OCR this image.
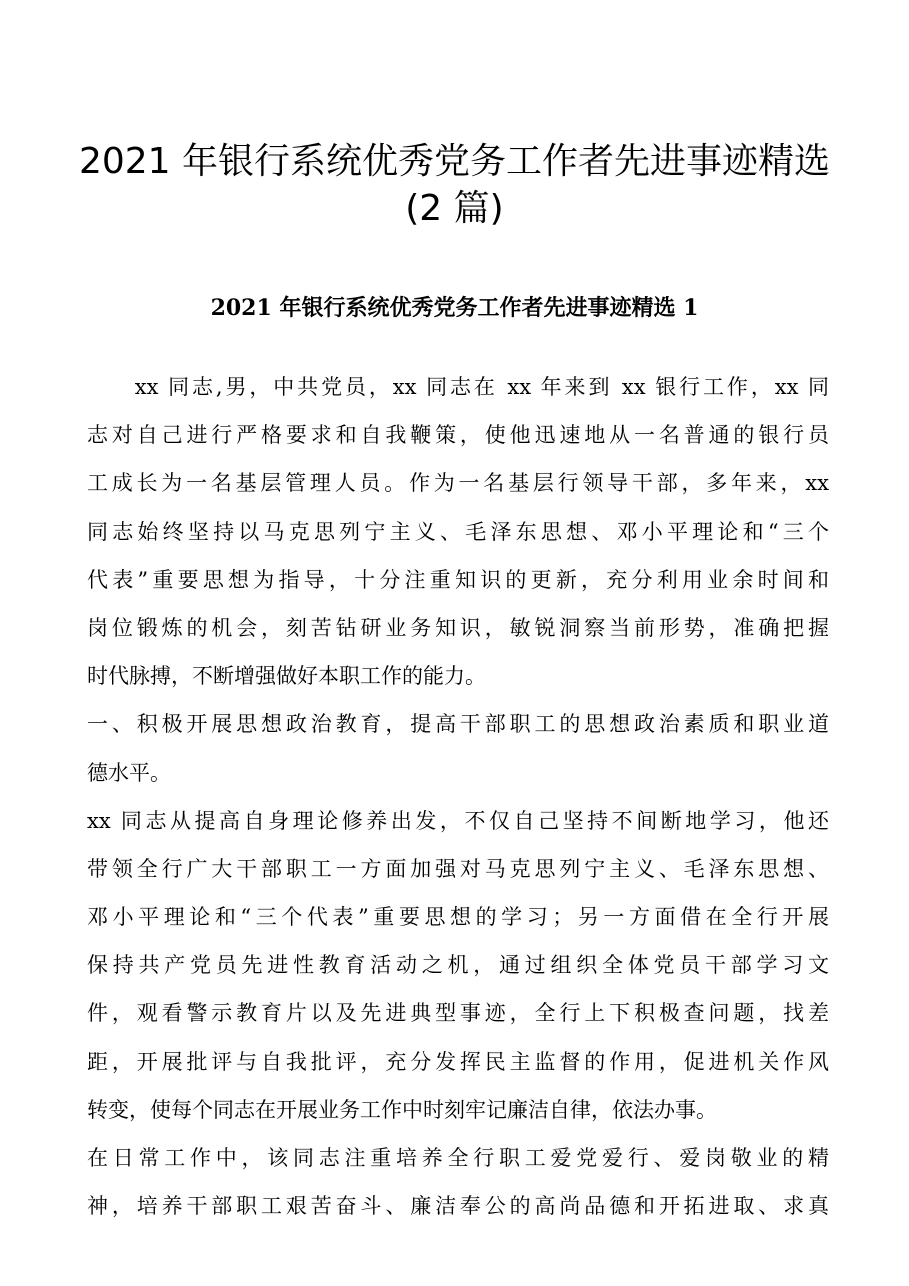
2021 年银行系统优秀党务工作者先进事迹精选
(2 篇)
2021 年银行系统优秀党务工作者先进事迹精选 1
　　xx 同志,男，中共党员，xx 同志在 xx 年来到 xx 银行工作，xx 同
志对自己进行严格要求和自我鞭策，使他迅速地从一名普通的银行员
工成长为一名基层管理人员。作为一名基层行领导干部，多年来，xx
同志始终坚持以马克思列宁主义、毛泽东思想、邓小平理论和“三个
代表”重要思想为指导，十分注重知识的更新，充分利用业余时间和
岗位锻炼的机会，刻苦钻研业务知识，敏锐洞察当前形势，准确把握
时代脉搏，不断增强做好本职工作的能力。
一、积极开展思想政治教育，提高干部职工的思想政治素质和职业道
德水平。
xx 同志从提高自身理论修养出发，不仅自己坚持不间断地学习，他还
带领全行广大干部职工一方面加强对马克思列宁主义、毛泽东思想、
邓小平理论和“三个代表”重要思想的学习；另一方面借在全行开展
保持共产党员先进性教育活动之机，通过组织全体党员干部学习文
件，观看警示教育片以及先进典型事迹，全行上下积极查问题，找差
距，开展批评与自我批评，充分发挥民主监督的作用，促进机关作风
转变，使每个同志在开展业务工作中时刻牢记廉洁自律，依法办事。
在日常工作中，该同志注重培养全行职工爱党爱行、爱岗敬业的精
神，培养干部职工艰苦奋斗、廉洁奉公的高尚品德和开拓进取、求真
